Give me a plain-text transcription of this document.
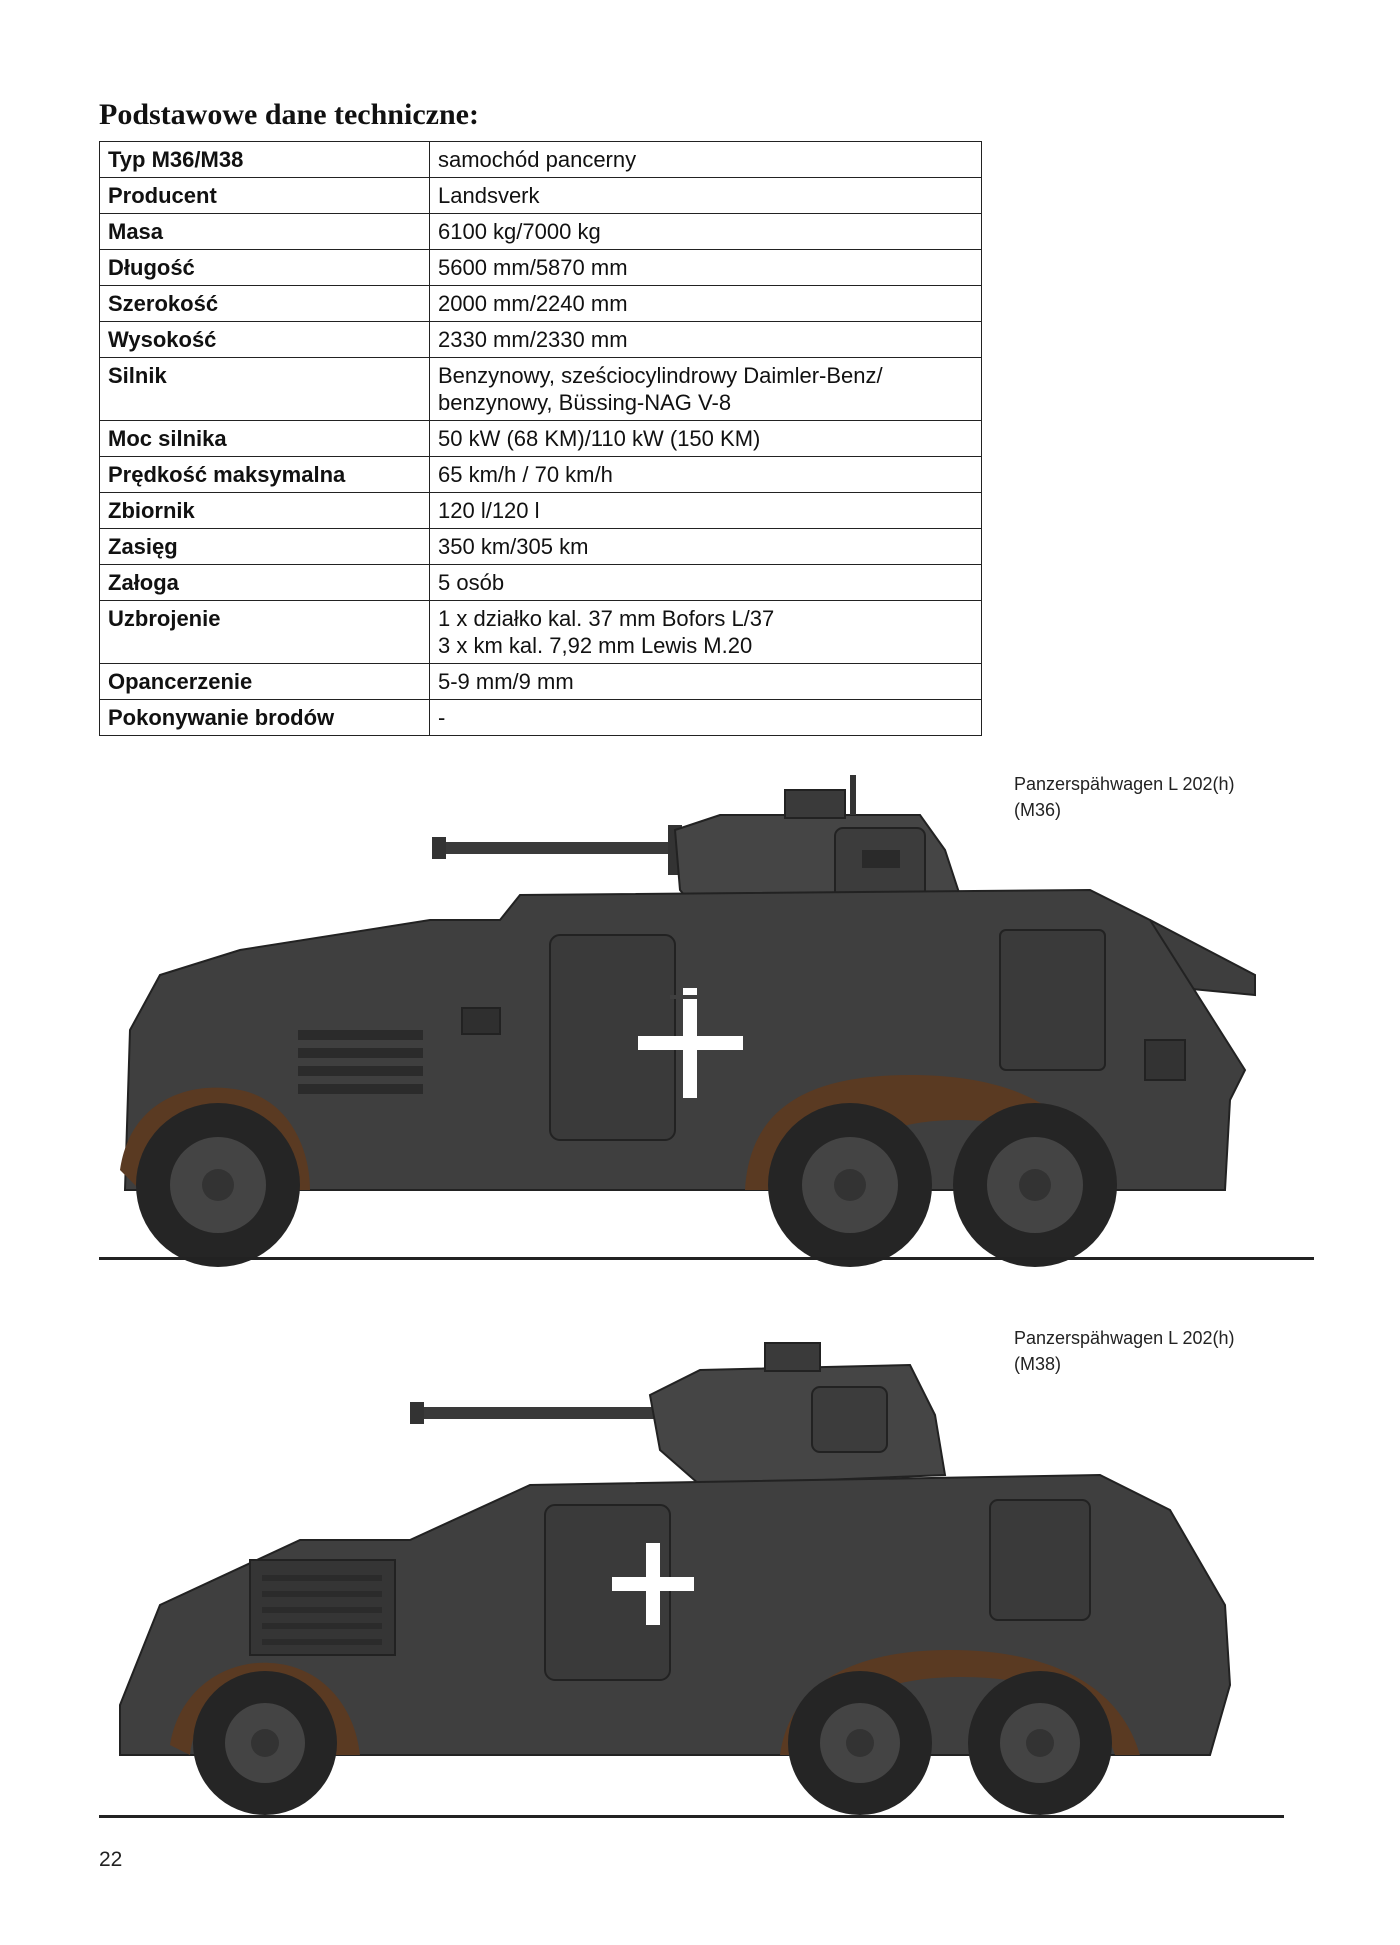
Podstawowe dane techniczne:
Typ M36/M38	samochód pancerny

Producent	Landsverk

Masa	6100 kg/7000 kg

Długość	5600 mm/5870 mm

Szerokość	2000 mm/2240 mm

Wysokość	2330 mm/2330 mm

Silnik	Benzynowy, sześciocylindrowy Daimler-Benz/
benzynowy, Büssing-NAG V-8

Moc silnika	50 kW (68 KM)/110 kW (150 KM)

Prędkość maksymalna	65 km/h / 70 km/h

Zbiornik	120 l/120 l

Zasięg	350 km/305 km

Załoga	5 osób

Uzbrojenie	1 x działko kal. 37 mm Bofors L/37
3 x km kal. 7,92 mm Lewis M.20

Opancerzenie	5-9 mm/9 mm

Pokonywanie brodów	-
Panzerspähwagen L 202(h)
(M36)
Panzerspähwagen L 202(h)
(M38)
22
